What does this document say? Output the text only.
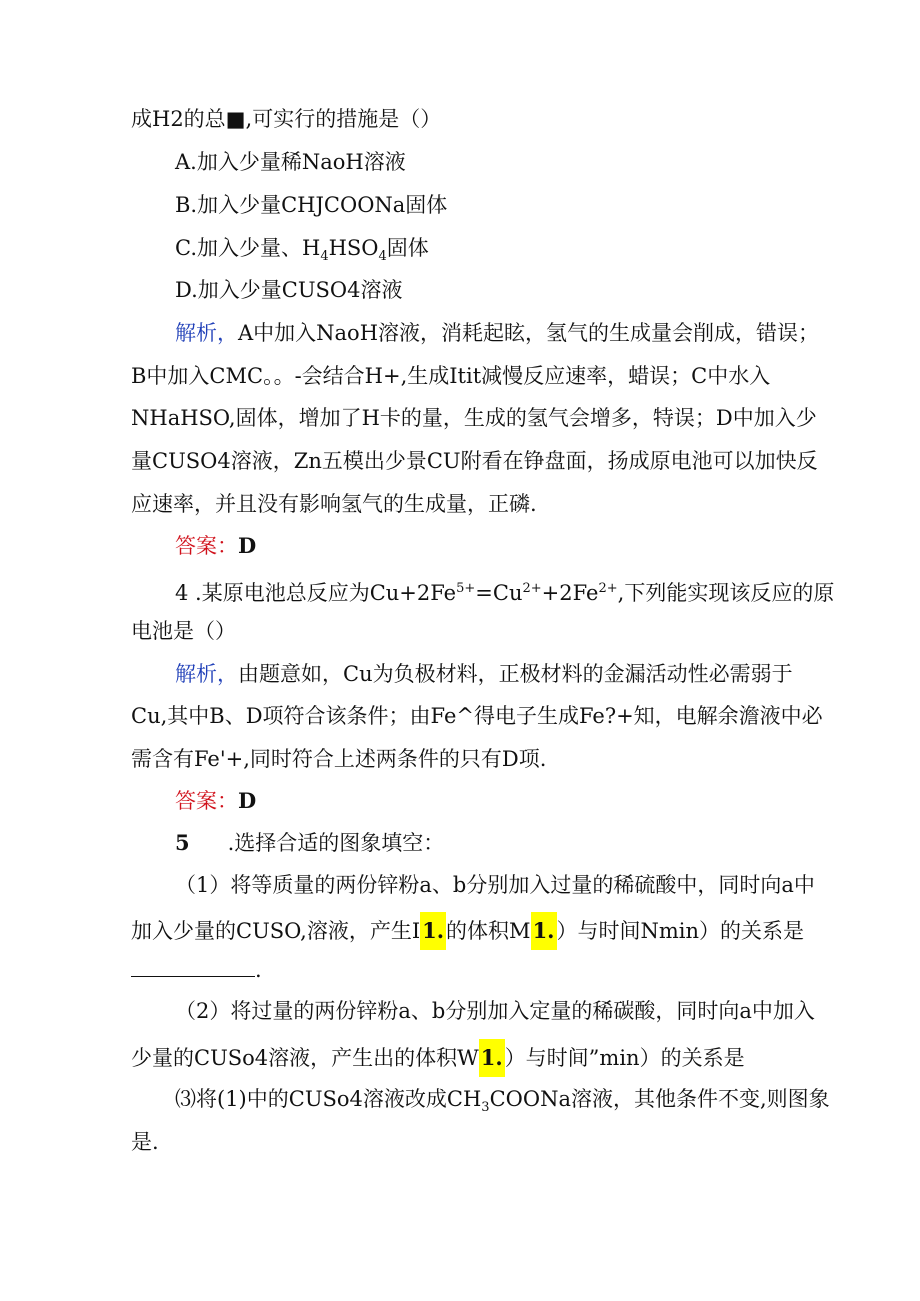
成H2的总■,可实行的措施是（）
A.加入少量稀NaoH溶液
B.加入少量CHJCOONa固体
C.加入少量、$H_4HSO_4$固体
D.加入少量CUSO4溶液
解析，A中加入NaoH溶液，消耗起眩，氢气的生成量会削成，错误；
B中加入CMC。。-会结合H+,生成Itit减慢反应速率，蜡误；C中水入
NHaHSO,固体，增加了H卡的量，生成的氢气会增多，特误；D中加入少
量CUSO4溶液，Zn五模出少景CU附看在铮盘面，扬成原电池可以加快反
应速率，并且没有影响氢气的生成量，正磷.
答案：D
4 .某原电池总反应为$Cu+2Fe^{5+}=Cu^{2+}+2Fe^{2+}$,下列能实现该反应的原
电池是（）
解析，由题意如，Cu为负极材料，正极材料的金漏活动性必需弱于
Cu,其中B、D项符合该条件；由Fe^得电子生成Fe?+知，电解余澹液中必
需含有Fe'+,同时符合上述两条件的只有D项.
答案：D
5 .选择合适的图象填空：
（1）将等质量的两份锌粉a、b分别加入过量的稀硫酸中，同时向a中
加入少量的CUSO,溶液，产生I1.的体积M1.）与时间Nmin）的关系是
.
（2）将过量的两份锌粉a、b分别加入定量的稀碳酸，同时向a中加入
少量的CUSo4溶液，产生出的体积W1.）与时间”min）的关系是
⑶将(1)中的CUSo4溶液改成$CH_3COONa$溶液，其他条件不变,则图象
是.
